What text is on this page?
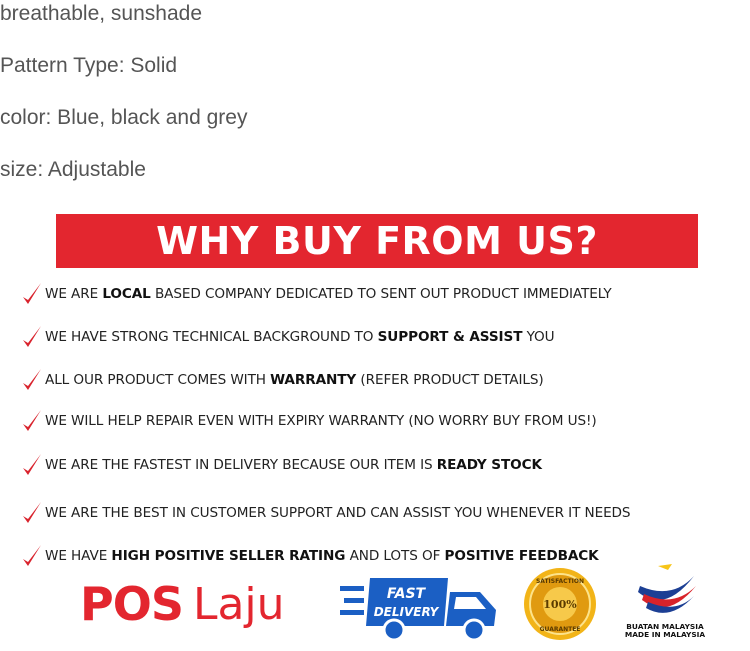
breathable, sunshade
Pattern Type: Solid
color: Blue, black and grey
size: Adjustable
WHY BUY FROM US?
WE ARE LOCAL BASED COMPANY DEDICATED TO SENT OUT PRODUCT IMMEDIATELY
WE HAVE STRONG TECHNICAL BACKGROUND TO SUPPORT & ASSIST YOU
ALL OUR PRODUCT COMES WITH WARRANTY (REFER PRODUCT DETAILS)
WE WILL HELP REPAIR EVEN WITH EXPIRY WARRANTY (NO WORRY BUY FROM US!)
WE ARE THE FASTEST IN DELIVERY BECAUSE OUR ITEM IS READY STOCK
WE ARE THE BEST IN CUSTOMER SUPPORT AND CAN ASSIST YOU WHENEVER IT NEEDS
WE HAVE HIGH POSITIVE SELLER RATING AND LOTS OF POSITIVE FEEDBACK
POS Laju	FAST
DELIVERY
SATISFACTION
100%
GUARANTEE	BUATAN MALAYSIA
MADE IN MALAYSIA
